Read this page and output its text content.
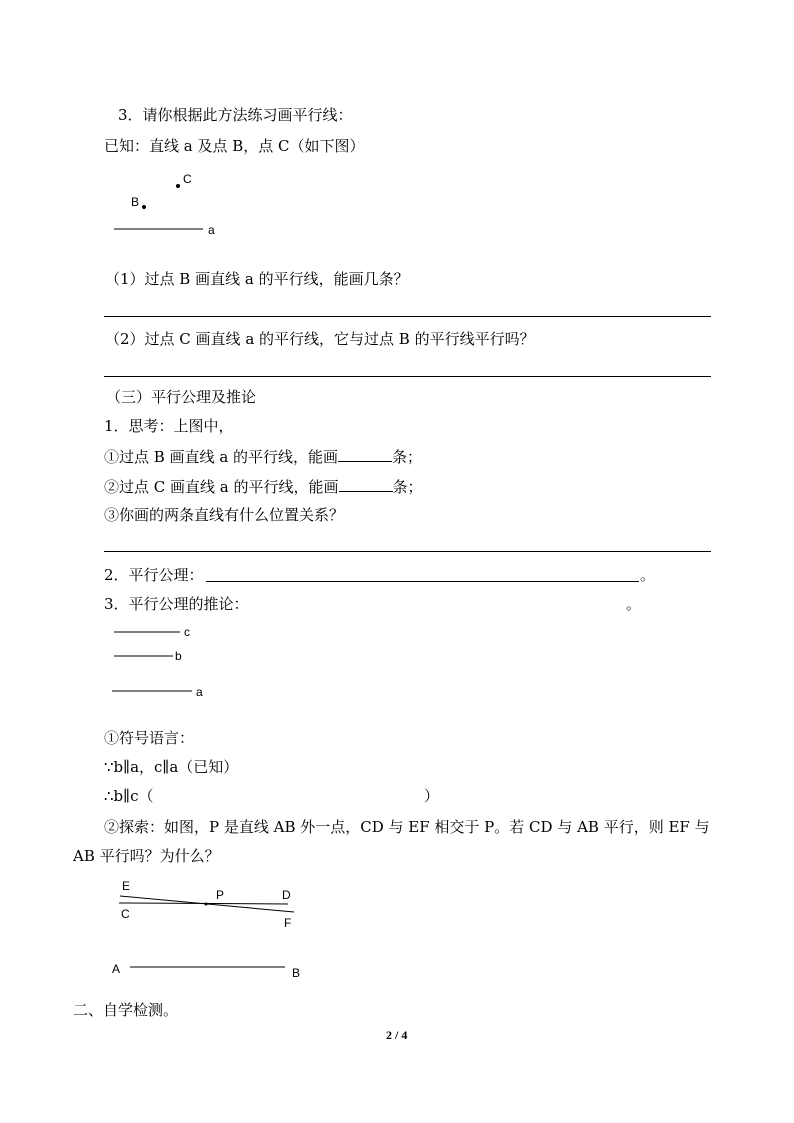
3．请你根据此方法练习画平行线：
已知：直线 a 及点 B，点 C（如下图）
C
B
a
（1）过点 B 画直线 a 的平行线，能画几条？
（2）过点 C 画直线 a 的平行线，它与过点 B 的平行线平行吗？
（三）平行公理及推论
1．思考：上图中，
①过点 B 画直线 a 的平行线，能画	条；
②过点 C 画直线 a 的平行线，能画	条；
③你画的两条直线有什么位置关系？
2．平行公理：	。
3．平行公理的推论：	。
c
b
a
①符号语言：
∵b∥a，c∥a（已知）
∴b∥c（	）
②探索：如图，P 是直线 AB 外一点，CD 与 EF 相交于 P。若 CD 与 AB 平行，则 EF 与
AB 平行吗？为什么？
E
C
P	D
F
A	B
二、自学检测。
2 / 4
